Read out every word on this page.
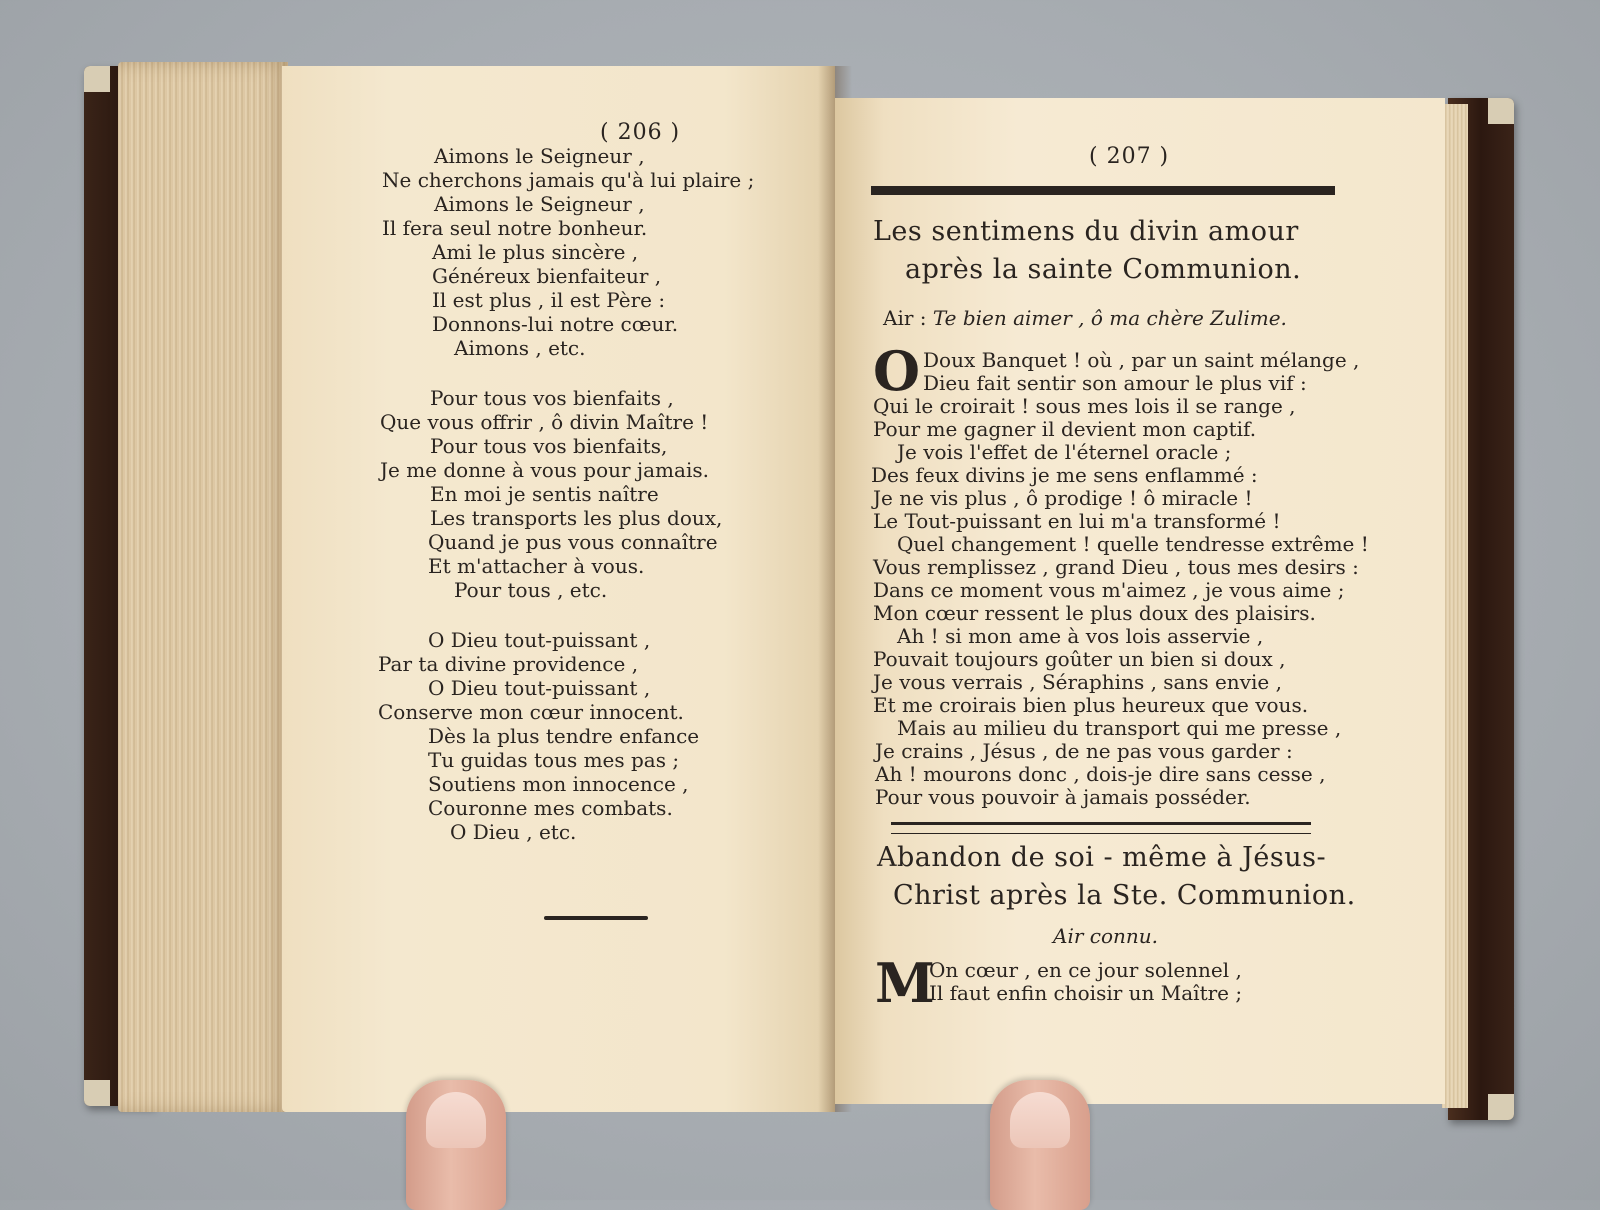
( 206 )
Aimons le Seigneur ,
Ne cherchons jamais qu'à lui plaire ;
Aimons le Seigneur ,
Il fera seul notre bonheur.
Ami le plus sincère ,
Généreux bienfaiteur ,
Il est plus , il est Père :
Donnons-lui notre cœur.
Aimons , etc.
Pour tous vos bienfaits ,
Que vous offrir , ô divin Maître !
Pour tous vos bienfaits,
Je me donne à vous pour jamais.
En moi je sentis naître
Les transports les plus doux,
Quand je pus vous connaître
Et m'attacher à vous.
Pour tous , etc.
O Dieu tout-puissant ,
Par ta divine providence ,
O Dieu tout-puissant ,
Conserve mon cœur innocent.
Dès la plus tendre enfance
Tu guidas tous mes pas ;
Soutiens mon innocence ,
Couronne mes combats.
O Dieu , etc.
( 207 )
Les sentimens du divin amour
après la sainte Communion.
Air : Te bien aimer , ô ma chère Zulime.
O Doux Banquet ! où , par un saint mélange ,
Dieu fait sentir son amour le plus vif :
Qui le croirait ! sous mes lois il se range ,
Pour me gagner il devient mon captif.
Je vois l'effet de l'éternel oracle ;
Des feux divins je me sens enflammé :
Je ne vis plus , ô prodige ! ô miracle !
Le Tout-puissant en lui m'a transformé !
Quel changement ! quelle tendresse extrême !
Vous remplissez , grand Dieu , tous mes desirs :
Dans ce moment vous m'aimez , je vous aime ;
Mon cœur ressent le plus doux des plaisirs.
Ah ! si mon ame à vos lois asservie ,
Pouvait toujours goûter un bien si doux ,
Je vous verrais , Séraphins , sans envie ,
Et me croirais bien plus heureux que vous.
Mais au milieu du transport qui me presse ,
Je crains , Jésus , de ne pas vous garder :
Ah ! mourons donc , dois-je dire sans cesse ,
Pour vous pouvoir à jamais posséder.
Abandon de soi - même à Jésus-
Christ après la Ste. Communion.
Air connu.
M
On cœur , en ce jour solennel ,
Il faut enfin choisir un Maître ;
